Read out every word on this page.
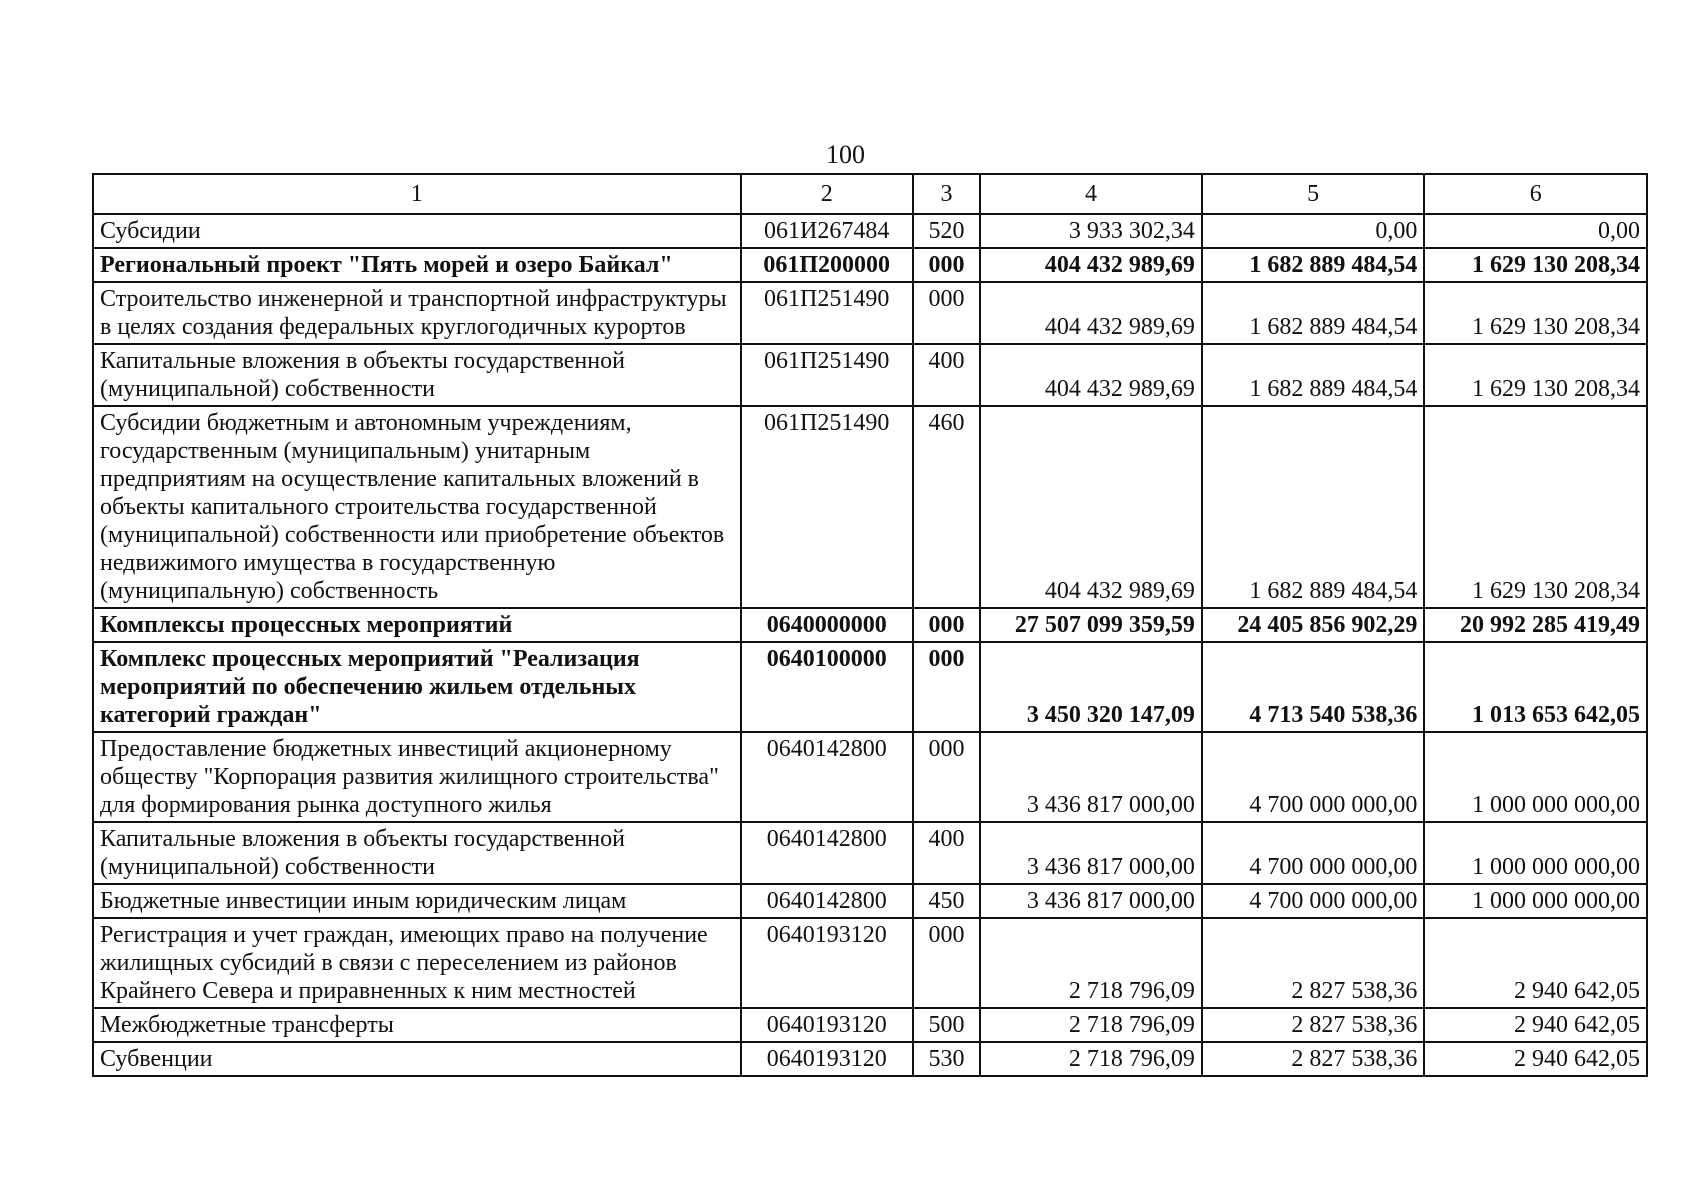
100
1	2	3	4	5	6
Субсидии	061И267484	520	3 933 302,34	0,00	0,00
Региональный проект "Пять морей и озеро Байкал"	061П200000	000	404 432 989,69	1 682 889 484,54	1 629 130 208,34
Строительство инженерной и транспортной инфраструктуры в целях создания федеральных круглогодичных курортов	061П251490	000	404 432 989,69	1 682 889 484,54	1 629 130 208,34
Капитальные вложения в объекты государственной (муниципальной) собственности	061П251490	400	404 432 989,69	1 682 889 484,54	1 629 130 208,34
Субсидии бюджетным и автономным учреждениям, государственным (муниципальным) унитарным предприятиям на осуществление капитальных вложений в объекты капитального строительства государственной (муниципальной) собственности или приобретение объектов недвижимого имущества в государственную (муниципальную) собственность	061П251490	460	404 432 989,69	1 682 889 484,54	1 629 130 208,34
Комплексы процессных мероприятий	0640000000	000	27 507 099 359,59	24 405 856 902,29	20 992 285 419,49
Комплекс процессных мероприятий "Реализация мероприятий по обеспечению жильем отдельных категорий граждан"	0640100000	000	3 450 320 147,09	4 713 540 538,36	1 013 653 642,05
Предоставление бюджетных инвестиций акционерному обществу "Корпорация развития жилищного строительства" для формирования рынка доступного жилья	0640142800	000	3 436 817 000,00	4 700 000 000,00	1 000 000 000,00
Капитальные вложения в объекты государственной (муниципальной) собственности	0640142800	400	3 436 817 000,00	4 700 000 000,00	1 000 000 000,00
Бюджетные инвестиции иным юридическим лицам	0640142800	450	3 436 817 000,00	4 700 000 000,00	1 000 000 000,00
Регистрация и учет граждан, имеющих право на получение жилищных субсидий в связи с переселением из районов Крайнего Севера и приравненных к ним местностей	0640193120	000	2 718 796,09	2 827 538,36	2 940 642,05
Межбюджетные трансферты	0640193120	500	2 718 796,09	2 827 538,36	2 940 642,05
Субвенции	0640193120	530	2 718 796,09	2 827 538,36	2 940 642,05
